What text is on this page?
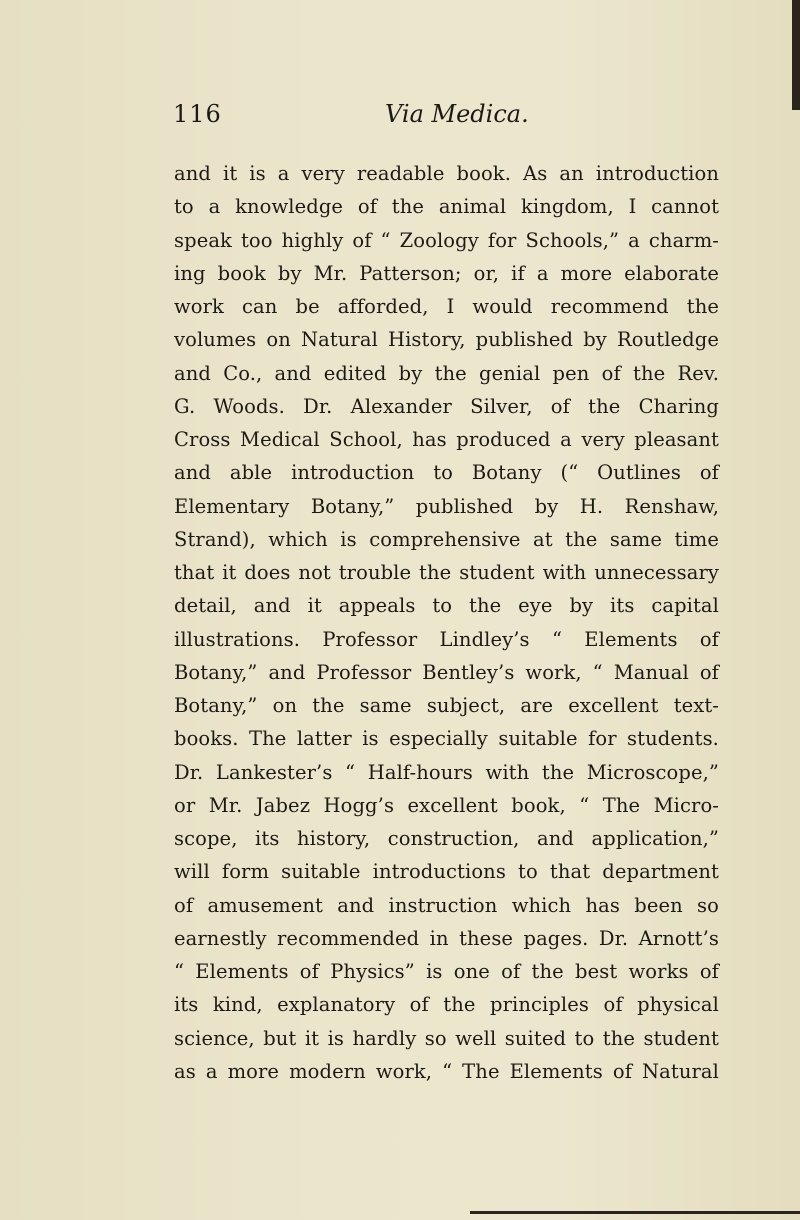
116	Via Medica.
and it is a very readable book. As an introduction
to a knowledge of the animal kingdom, I cannot
speak too highly of “ Zoology for Schools,” a charm-
ing book by Mr. Patterson; or, if a more elaborate
work can be afforded, I would recommend the
volumes on Natural History, published by Routledge
and Co., and edited by the genial pen of the Rev.
G. Woods. Dr. Alexander Silver, of the Charing
Cross Medical School, has produced a very pleasant
and able introduction to Botany (“ Outlines of
Elementary Botany,” published by H. Renshaw,
Strand), which is comprehensive at the same time
that it does not trouble the student with unnecessary
detail, and it appeals to the eye by its capital
illustrations. Professor Lindley’s “ Elements of
Botany,” and Professor Bentley’s work, “ Manual of
Botany,” on the same subject, are excellent text-
books. The latter is especially suitable for students.
Dr. Lankester’s “ Half-hours with the Microscope,”
or Mr. Jabez Hogg’s excellent book, “ The Micro-
scope, its history, construction, and application,”
will form suitable introductions to that department
of amusement and instruction which has been so
earnestly recommended in these pages. Dr. Arnott’s
“ Elements of Physics” is one of the best works of
its kind, explanatory of the principles of physical
science, but it is hardly so well suited to the student
as a more modern work, “ The Elements of Natural
